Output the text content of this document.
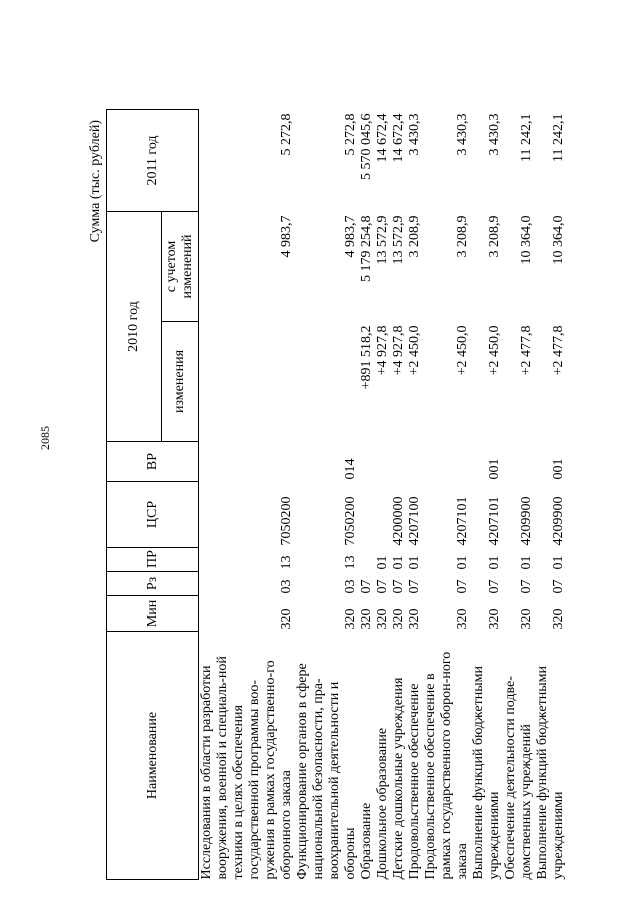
2085
Сумма (тыс. рублей)
Наименование	Мин	Рз	ПР	ЦСР	ВР	2010 год		2011 год
						изменения	с учетом изменений	
Исследования в области разработки вооружения, военной и специаль-ной техники в целях обеспечения государственной программы воо-ружения в рамках государственно-го оборонного заказа	320	03	13	7050200			4 983,7	5 272,8
Функционирование органов в сфере национальной безопасности, пра-воохранительной деятельности и обороны	320	03	13	7050200	014		4 983,7	5 272,8
Образование	320	07				+891 518,2	5 179 254,8	5 570 045,6
Дошкольное образование	320	07	01			+4 927,8	13 572,9	14 672,4
Детские дошкольные учреждения	320	07	01	4200000		+4 927,8	13 572,9	14 672,4
Продовольственное обеспечение	320	07	01	4207100		+2 450,0	3 208,9	3 430,3
Продовольственное обеспечение в рамках государственного оборон-ного заказа	320	07	01	4207101		+2 450,0	3 208,9	3 430,3
Выполнение функций бюджетными учреждениями	320	07	01	4207101	001	+2 450,0	3 208,9	3 430,3
Обеспечение деятельности подве-домственных учреждений	320	07	01	4209900		+2 477,8	10 364,0	11 242,1
Выполнение функций бюджетными учреждениями	320	07	01	4209900	001	+2 477,8	10 364,0	11 242,1
